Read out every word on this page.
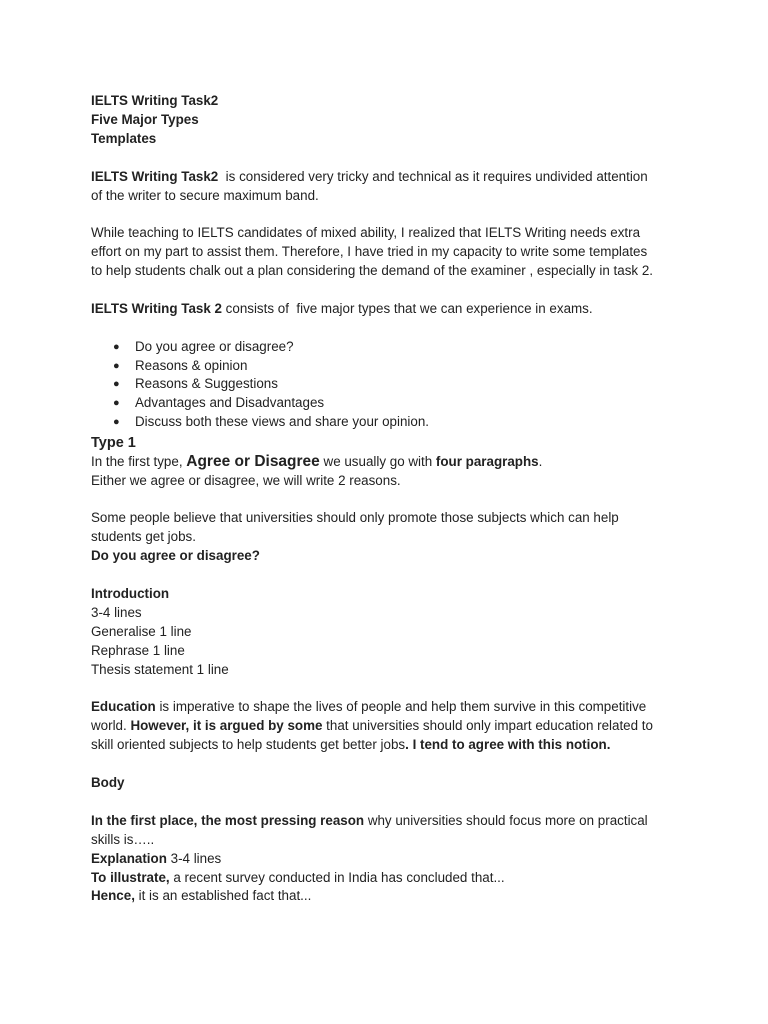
IELTS Writing Task2
Five Major Types
Templates
IELTS Writing Task2  is considered very tricky and technical as it requires undivided attention
of the writer to secure maximum band.
While teaching to IELTS candidates of mixed ability, I realized that IELTS Writing needs extra
effort on my part to assist them. Therefore, I have tried in my capacity to write some templates
to help students chalk out a plan considering the demand of the examiner , especially in task 2.
IELTS Writing Task 2 consists of  five major types that we can experience in exams.
● Do you agree or disagree?
● Reasons & opinion
● Reasons & Suggestions
● Advantages and Disadvantages
● Discuss both these views and share your opinion.
Type 1
In the first type, Agree or Disagree we usually go with four paragraphs.
Either we agree or disagree, we will write 2 reasons.
Some people believe that universities should only promote those subjects which can help
students get jobs.
Do you agree or disagree?
Introduction
3-4 lines
Generalise 1 line
Rephrase 1 line
Thesis statement 1 line
Education is imperative to shape the lives of people and help them survive in this competitive
world. However, it is argued by some that universities should only impart education related to
skill oriented subjects to help students get better jobs. I tend to agree with this notion.
Body
In the first place, the most pressing reason why universities should focus more on practical
skills is…..
Explanation 3-4 lines
To illustrate, a recent survey conducted in India has concluded that...
Hence, it is an established fact that...
